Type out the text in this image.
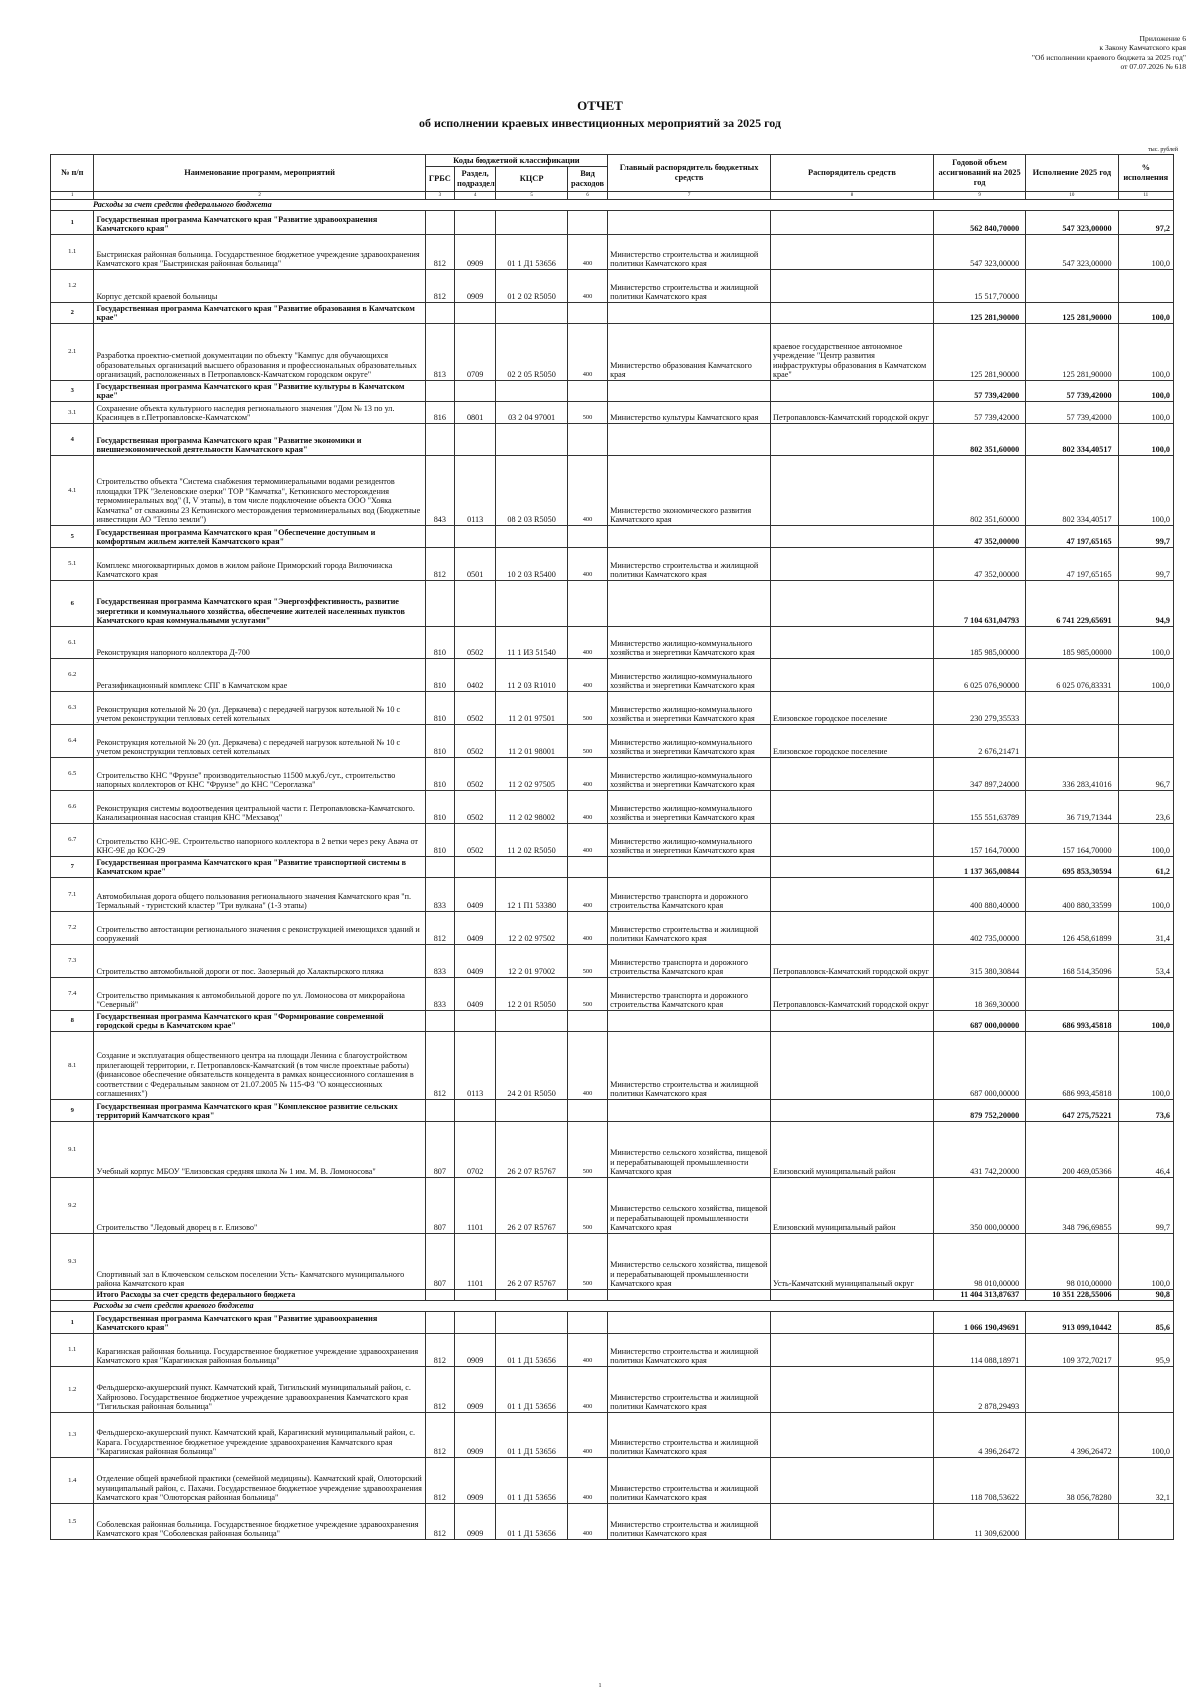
Приложение 6
к Закону Камчатского края
"Об исполнении краевого бюджета за 2025 год"
от 07.07.2026 № 618
ОТЧЕТ
об исполнении краевых инвестиционных мероприятий за 2025 год
тыс. рублей
№ п/п	Наименование программ, мероприятий	Коды бюджетной классификации				Главный распорядитель бюджетных средств	Распорядитель средств	Годовой объем ассигнований на 2025 год	Исполнение 2025 год	% исполнения
		ГРБС	Раздел, подраздел	КЦСР	Вид расходов					
1	2	3	4	5	6	7	8	9	10	11
Расходы за счет средств федерального бюджета										
1	Государственная программа Камчатского края "Развитие здравоохранения Камчатского края"							562 840,70000	547 323,00000	97,2
1.1	Быстринская районная больница. Государственное бюджетное учреждение здравоохранения Камчатского края "Быстринская районная больница"	812	0909	01 1 Д1 53656	400	Министерство строительства и жилищной политики Камчатского края		547 323,00000	547 323,00000	100,0
1.2	Корпус детской краевой больницы	812	0909	01 2 02 R5050	400	Министерство строительства и жилищной политики Камчатского края		15 517,70000		
2	Государственная программа Камчатского края "Развитие образования в Камчатском крае"							125 281,90000	125 281,90000	100,0
2.1	Разработка проектно-сметной документации по объекту "Кампус для обучающихся образовательных организаций высшего образования и профессиональных образовательных организаций, расположенных в Петропавловск-Камчатском городском округе"	813	0709	02 2 05 R5050	400	Министерство образования Камчатского края	краевое государственное автономное учреждение "Центр развития инфраструктуры образования в Камчатском крае"	125 281,90000	125 281,90000	100,0
3	Государственная программа Камчатского края "Развитие культуры в Камчатском крае"							57 739,42000	57 739,42000	100,0
3.1	Сохранение объекта культурного наследия регионального значения "Дом № 13 по ул. Красинцев в г.Петропавловске-Камчатском"	816	0801	03 2 04 97001	500	Министерство культуры Камчатского края	Петропавловск-Камчатский городской округ	57 739,42000	57 739,42000	100,0
4	Государственная программа Камчатского края "Развитие экономики и внешнеэкономической деятельности Камчатского края"							802 351,60000	802 334,40517	100,0
4.1	Строительство объекта "Система снабжения термоминеральными водами резидентов площадки ТРК "Зеленовские озерки" ТОР "Камчатка", Кеткинского месторождения термоминеральных вод" (I, V этапы), в том числе подключение объекта ООО "Хояка Камчатка" от скважины 23 Кеткинского месторождения термоминеральных вод (Бюджетные инвестиции АО "Тепло земли")	843	0113	08 2 03 R5050	400	Министерство экономического развития Камчатского края		802 351,60000	802 334,40517	100,0
5	Государственная программа Камчатского края "Обеспечение доступным и комфортным жильем жителей Камчатского края"							47 352,00000	47 197,65165	99,7
5.1	Комплекс многоквартирных домов в жилом районе Приморский города Вилючинска Камчатского края	812	0501	10 2 03 R5400	400	Министерство строительства и жилищной политики Камчатского края		47 352,00000	47 197,65165	99,7
6	Государственная программа Камчатского края "Энергоэффективность, развитие энергетики и коммунального хозяйства, обеспечение жителей населенных пунктов Камчатского края коммунальными услугами"							7 104 631,04793	6 741 229,65691	94,9
6.1	Реконструкция напорного коллектора Д-700	810	0502	11 1 И3 51540	400	Министерство жилищно-коммунального хозяйства и энергетики Камчатского края		185 985,00000	185 985,00000	100,0
6.2	Регазификационный комплекс СПГ в Камчатском крае	810	0402	11 2 03 R1010	400	Министерство жилищно-коммунального хозяйства и энергетики Камчатского края		6 025 076,90000	6 025 076,83331	100,0
6.3	Реконструкция котельной № 20 (ул. Деркачева) с передачей нагрузок котельной № 10 с учетом реконструкции тепловых сетей котельных	810	0502	11 2 01 97501	500	Министерство жилищно-коммунального хозяйства и энергетики Камчатского края	Елизовское городское поселение	230 279,35533		
6.4	Реконструкция котельной № 20 (ул. Деркачева) с передачей нагрузок котельной № 10 с учетом реконструкции тепловых сетей котельных	810	0502	11 2 01 98001	500	Министерство жилищно-коммунального хозяйства и энергетики Камчатского края	Елизовское городское поселение	2 676,21471		
6.5	Строительство КНС "Фрунзе" производительностью 11500 м.куб./сут., строительство напорных коллекторов от КНС "Фрунзе" до КНС "Сероглазка"	810	0502	11 2 02 97505	400	Министерство жилищно-коммунального хозяйства и энергетики Камчатского края		347 897,24000	336 283,41016	96,7
6.6	Реконструкция системы водоотведения центральной части г. Петропавловска-Камчатского. Канализационная насосная станция КНС "Мехзавод"	810	0502	11 2 02 98002	400	Министерство жилищно-коммунального хозяйства и энергетики Камчатского края		155 551,63789	36 719,71344	23,6
6.7	Строительство КНС-9Е. Строительство напорного коллектора в 2 ветки через реку Авача от КНС-9Е до КОС-29	810	0502	11 2 02 R5050	400	Министерство жилищно-коммунального хозяйства и энергетики Камчатского края		157 164,70000	157 164,70000	100,0
7	Государственная программа Камчатского края "Развитие транспортной системы в Камчатском крае"							1 137 365,00844	695 853,30594	61,2
7.1	Автомобильная дорога общего пользования регионального значения Камчатского края "п. Термальный - туристский кластер "Три вулкана" (1-3 этапы)	833	0409	12 1 П1 53380	400	Министерство транспорта и дорожного строительства Камчатского края		400 880,40000	400 880,33599	100,0
7.2	Строительство автостанции регионального значения с реконструкцией имеющихся зданий и сооружений	812	0409	12 2 02 97502	400	Министерство строительства и жилищной политики Камчатского края		402 735,00000	126 458,61899	31,4
7.3	Строительство автомобильной дороги от пос. Заозерный до Халактырского пляжа	833	0409	12 2 01 97002	500	Министерство транспорта и дорожного строительства Камчатского края	Петропавловск-Камчатский городской округ	315 380,30844	168 514,35096	53,4
7.4	Строительство примыкания к автомобильной дороге по ул. Ломоносова от микрорайона "Северный"	833	0409	12 2 01 R5050	500	Министерство транспорта и дорожного строительства Камчатского края	Петропавловск-Камчатский городской округ	18 369,30000		
8	Государственная программа Камчатского края "Формирование современной городской среды в Камчатском крае"							687 000,00000	686 993,45818	100,0
8.1	Создание и эксплуатация общественного центра на площади Ленина с благоустройством прилегающей территории, г. Петропавловск-Камчатский (в том числе проектные работы) (финансовое обеспечение обязательств концедента в рамках концессионного соглашения в соответствии с Федеральным законом от 21.07.2005 № 115-ФЗ "О концессионных соглашениях")	812	0113	24 2 01 R5050	400	Министерство строительства и жилищной политики Камчатского края		687 000,00000	686 993,45818	100,0
9	Государственная программа Камчатского края "Комплексное развитие сельских территорий Камчатского края"							879 752,20000	647 275,75221	73,6
9.1	Учебный корпус МБОУ "Елизовская средняя школа № 1 им. М. В. Ломоносова"	807	0702	26 2 07 R5767	500	Министерство сельского хозяйства, пищевой и перерабатывающей промышленности Камчатского края	Елизовский муниципальный район	431 742,20000	200 469,05366	46,4
9.2	Строительство "Ледовый дворец в г. Елизово"	807	1101	26 2 07 R5767	500	Министерство сельского хозяйства, пищевой и перерабатывающей промышленности Камчатского края	Елизовский муниципальный район	350 000,00000	348 796,69855	99,7
9.3	Спортивный зал в Ключевском сельском поселении Усть- Камчатского муниципального района Камчатского края	807	1101	26 2 07 R5767	500	Министерство сельского хозяйства, пищевой и перерабатывающей промышленности Камчатского края	Усть-Камчатский муниципальный округ	98 010,00000	98 010,00000	100,0
	Итого Расходы за счет средств федерального бюджета							11 404 313,87637	10 351 228,55006	90,8
Расходы за счет средств краевого бюджета										
1	Государственная программа Камчатского края "Развитие здравоохранения Камчатского края"							1 066 190,49691	913 099,10442	85,6
1.1	Карагинская районная больница. Государственное бюджетное учреждение здравоохранения Камчатского края "Карагинская районная больница"	812	0909	01 1 Д1 53656	400	Министерство строительства и жилищной политики Камчатского края		114 088,18971	109 372,70217	95,9
1.2	Фельдшерско-акушерский пункт. Камчатский край, Тигильский муниципальный район, с. Хайрюзово. Государственное бюджетное учреждение здравоохранения Камчатского края "Тигильская районная больница"	812	0909	01 1 Д1 53656	400	Министерство строительства и жилищной политики Камчатского края		2 878,29493		
1.3	Фельдшерско-акушерский пункт. Камчатский край, Карагинский муниципальный район, с. Карага. Государственное бюджетное учреждение здравоохранения Камчатского края "Карагинская районная больница"	812	0909	01 1 Д1 53656	400	Министерство строительства и жилищной политики Камчатского края		4 396,26472	4 396,26472	100,0
1.4	Отделение общей врачебной практики (семейной медицины). Камчатский край, Олюторский муниципальный район, с. Пахачи. Государственное бюджетное учреждение здравоохранения Камчатского края "Олюторская районная больница"	812	0909	01 1 Д1 53656	400	Министерство строительства и жилищной политики Камчатского края		118 708,53622	38 056,78280	32,1
1.5	Соболевская районная больница. Государственное бюджетное учреждение здравоохранения Камчатского края "Соболевская районная больница"	812	0909	01 1 Д1 53656	400	Министерство строительства и жилищной политики Камчатского края		11 309,62000		
1
